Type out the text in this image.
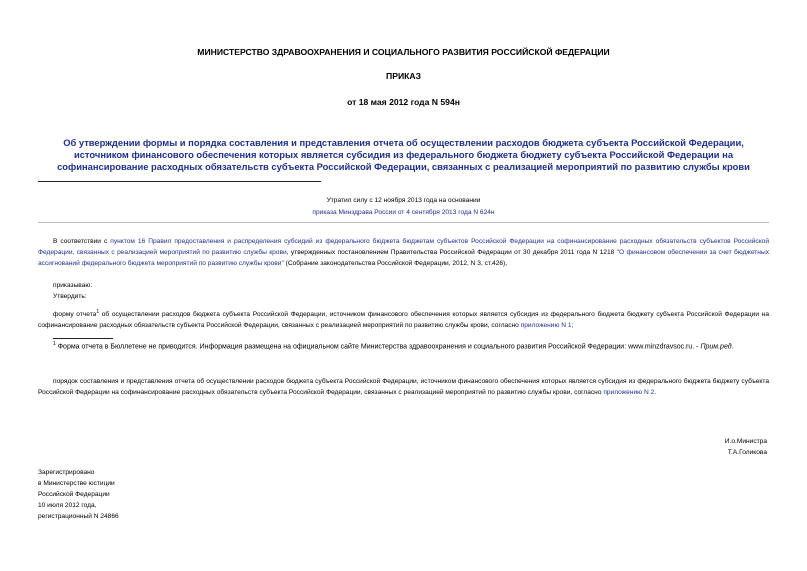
МИНИСТЕРСТВО ЗДРАВООХРАНЕНИЯ И СОЦИАЛЬНОГО РАЗВИТИЯ РОССИЙСКОЙ ФЕДЕРАЦИИ
ПРИКАЗ
от 18 мая 2012 года N 594н
Об утверждении формы и порядка составления и представления отчета об осуществлении расходов бюджета субъекта Российской Федерации, источником финансового обеспечения которых является субсидия из федерального бюджета бюджету субъекта Российской Федерации на софинансирование расходных обязательств субъекта Российской Федерации, связанных с реализацией мероприятий по развитию службы крови
Утратил силу с 12 ноября 2013 года на основании
приказа Минздрава России от 4 сентября 2013 года N 624н
В соответствии с пунктом 16 Правил предоставления и распределения субсидий из федерального бюджета бюджетам субъектов Российской Федерации на софинансирование расходных обязательств субъектов Российской Федерации, связанных с реализацией мероприятий по развитию службы крови, утвержденных постановлением Правительства Российской Федерации от 30 декабря 2011 года N 1218 "О финансовом обеспечении за счет бюджетных ассигнований федерального бюджета мероприятий по развитию службы крови" (Собрание законодательства Российской Федерации, 2012, N 3, ст.426),
приказываю:
Утвердить:
форму отчета$^1$ об осуществлении расходов бюджета субъекта Российской Федерации, источником финансового обеспечения которых является субсидия из федерального бюджета бюджету субъекта Российской Федерации на софинансирование расходных обязательств субъекта Российской Федерации, связанных с реализацией мероприятий по развитию службы крови, согласно приложению N 1;
$^1$ Форма отчета в Бюллетене не приводится. Информация размещена на официальном сайте Министерства здравоохранения и социального развития Российской Федерации: www.minzdravsoc.ru. - Прим.ред.
порядок составления и представления отчета об осуществлении расходов бюджета субъекта Российской Федерации, источником финансового обеспечения которых является субсидия из федерального бюджета бюджету субъекта Российской Федерации на софинансирование расходных обязательств субъекта Российской Федерации, связанных с реализацией мероприятий по развитию службы крови, согласно приложению N 2.
И.о.Министра
Т.А.Голикова
Зарегистрировано
в Министерстве юстиции
Российской Федерации
10 июля 2012 года,
регистрационный N 24866
